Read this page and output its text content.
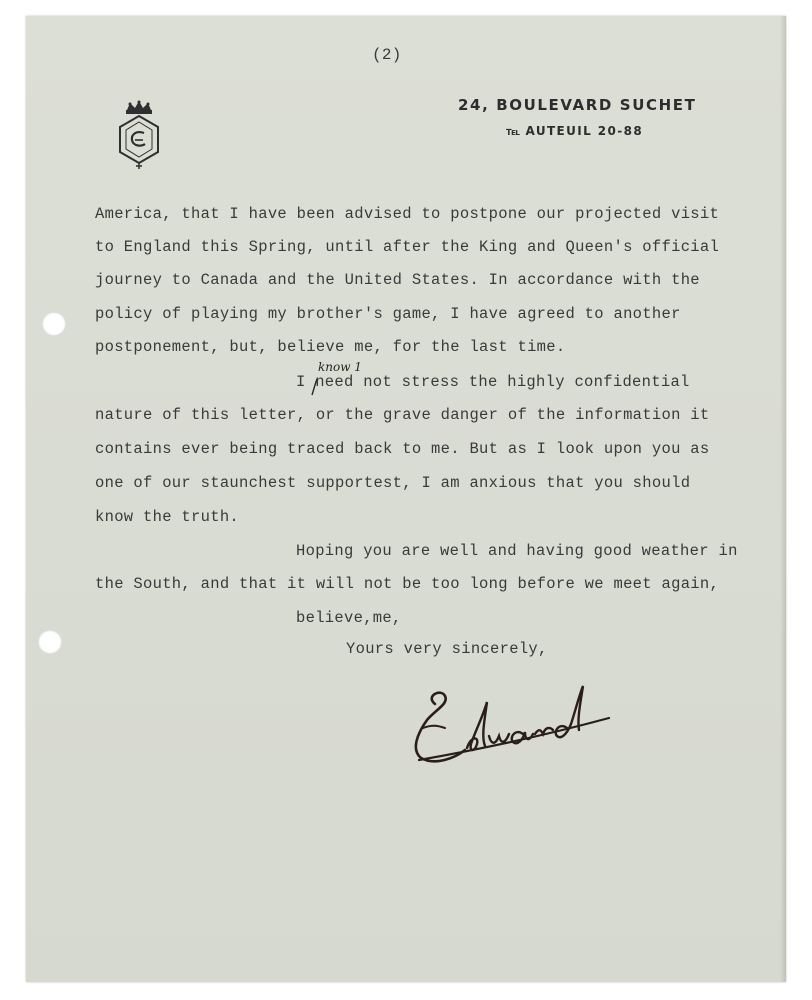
(2)
24, BOULEVARD SUCHET
℡ AUTEUIL 20-88
America, that I have been advised to postpone our projected visit
to England this Spring, until after the King and Queen's official
journey to Canada and the United States. In accordance with the
policy of playing my brother's game, I have agreed to another
postponement, but, believe me, for the last time.
I need not stress the highly confidential
nature of this letter, or the grave danger of the information it
contains ever being traced back to me. But as I look upon you as
one of our staunchest supportest, I am anxious that you should
know the truth.
Hoping you are well and having good weather in
the South, and that it will not be too long before we meet again,
believe,me,
Yours very sincerely,
know 1
